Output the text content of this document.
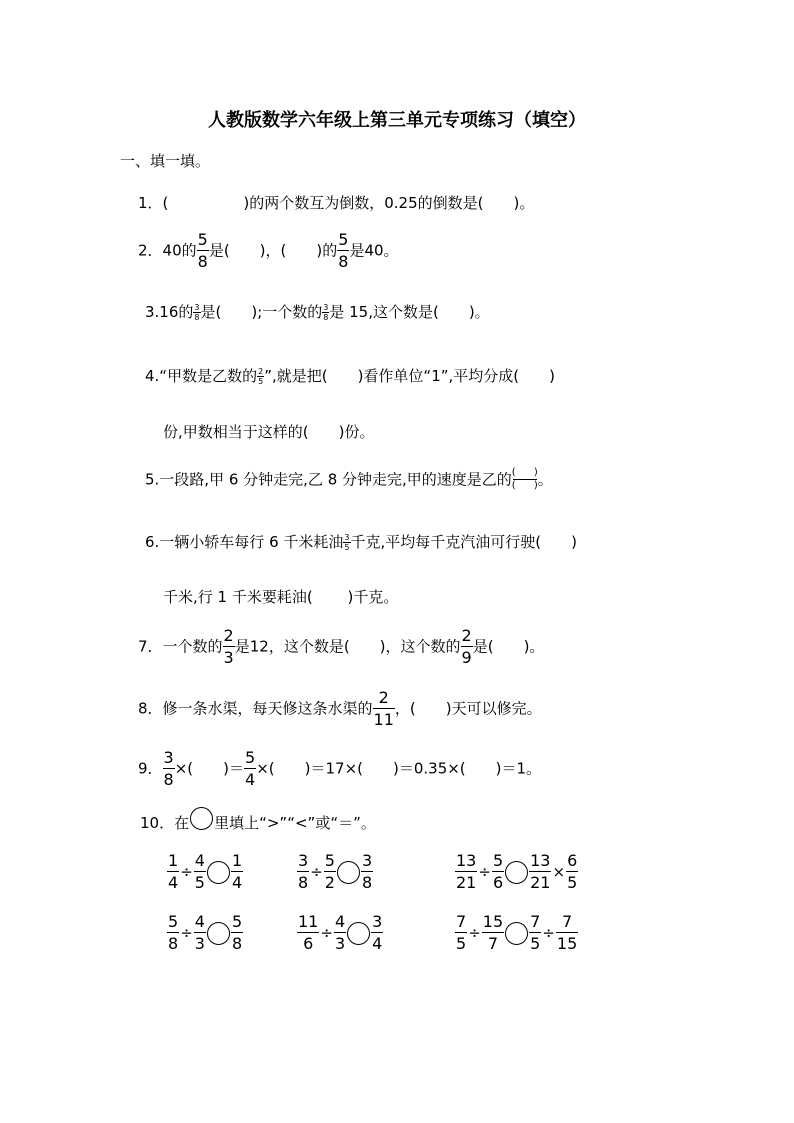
人教版数学六年级上第三单元专项练习（填空）
一、填一填。
1．(　　　　　)的两个数互为倒数，0.25的倒数是(　　)。
2．40的 $\frac{5}{8}$ 是(　　)，(　　)的 $\frac{5}{8}$ 是40。
3.16的 $\frac{3}{8}$ 是(　　);一个数的 $\frac{3}{8}$ 是 15,这个数是(　　)。
4.“甲数是乙数的 $\frac{2}{5}$ ”,就是把(　　)看作单位“1”,平均分成(　　)
份,甲数相当于这样的(　　)份。
5.一段路,甲 6 分钟走完,乙 8 分钟走完,甲的速度是乙的 ( )
( ) 。
6.一辆小轿车每行 6 千米耗油 $\frac{3}{5}$ 千克,平均每千克汽油可行驶(　　)
千米,行 1 千米要耗油(　　 )千克。
7．一个数的 $\frac{2}{3}$ 是12，这个数是(　　)，这个数的 $\frac{2}{9}$ 是(　　)。
8．修一条水渠，每天修这条水渠的 $\frac{2}{11}$ ，(　　)天可以修完。
9． $\frac{3}{8}$ ×(　　)＝ $\frac{5}{4}$ ×(　　)＝17×(　　)＝0.35×(　　)＝1。
10．在 里填上“>”“<”或“＝”。
$\frac{1}{4} \div \frac{4}{5} \frac{1}{4}$	$\frac{3}{8} \div \frac{5}{2} \frac{3}{8}$	$\frac{13}{21} \div \frac{5}{6} \frac{13}{21} \times \frac{6}{5}$
$\frac{5}{8} \div \frac{4}{3} \frac{5}{8}$	$\frac{11}{6} \div \frac{4}{3} \frac{3}{4}$	$\frac{7}{5} \div \frac{15}{7} \frac{7}{5} \div \frac{7}{15}$
